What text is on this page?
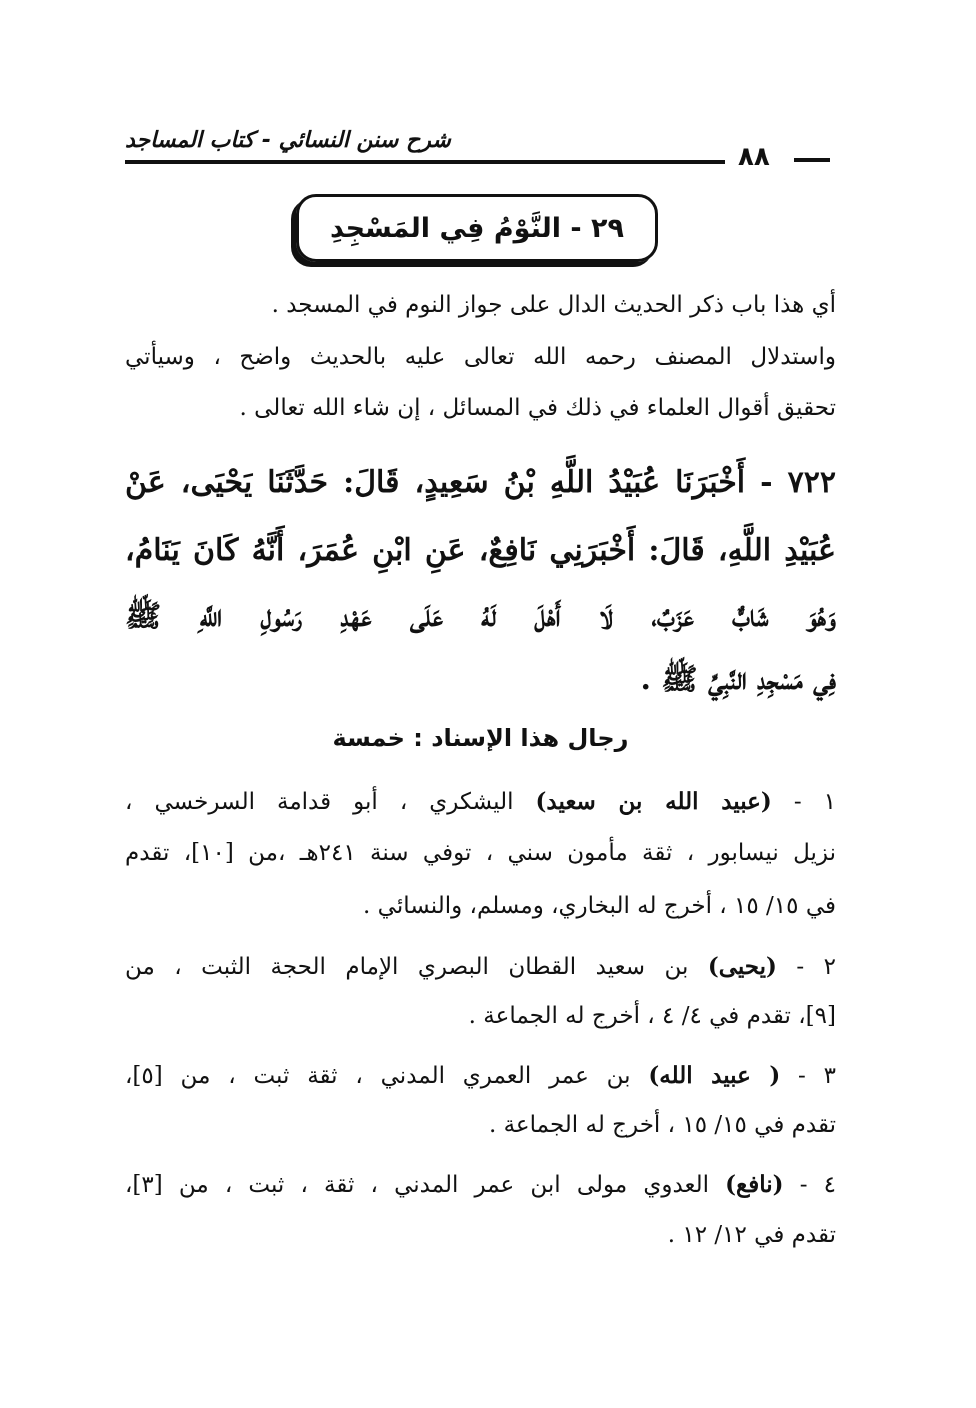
شرح سنن النسائي - كتاب المساجد
٨٨
٢٩ - النَّوْمُ فِي المَسْجِدِ
أي هذا باب ذكر الحديث الدال على جواز النوم في المسجد .
واستدلال المصنف رحمه الله تعالى عليه بالحديث واضح ، وسيأتي
تحقيق أقوال العلماء في ذلك في المسائل ، إن شاء الله تعالى .
٧٢٢ - أَخْبَرَنَا عُبَيْدُ اللَّهِ بْنُ سَعِيدٍ، قَالَ: حَدَّثَنَا يَحْيَى، عَنْ
عُبَيْدِ اللَّهِ، قَالَ: أَخْبَرَنِي نَافِعٌ، عَنِ ابْنِ عُمَرَ، أَنَّهُ كَانَ يَنَامُ،
وَهُوَ شَابٌّ عَزَبٌ، لَا أَهْلَ لَهُ عَلَى عَهْدِ رَسُولِ اللَّهِ ﷺ
فِي مَسْجِدِ النَّبِيِّ ﷺ .
رجال هذا الإسناد : خمسة
١ - (عبيد الله بن سعيد) اليشكري ، أبو قدامة السرخسي ،
نزيل نيسابور ، ثقة مأمون سني ، توفي سنة ٢٤١هـ ،من [١٠]، تقدم
في ١٥/ ١٥ ، أخرج له البخاري، ومسلم، والنسائي .
٢ - (يحيى) بن سعيد القطان البصري الإمام الحجة الثبت ، من
[٩]، تقدم في ٤/ ٤ ، أخرج له الجماعة .
٣ - ( عبيد الله) بن عمر العمري المدني ، ثقة ثبت ، من [٥]،
تقدم في ١٥/ ١٥ ، أخرج له الجماعة .
٤ - (نافع) العدوي مولى ابن عمر المدني ، ثقة ، ثبت ، من [٣]،
تقدم في ١٢/ ١٢ .
